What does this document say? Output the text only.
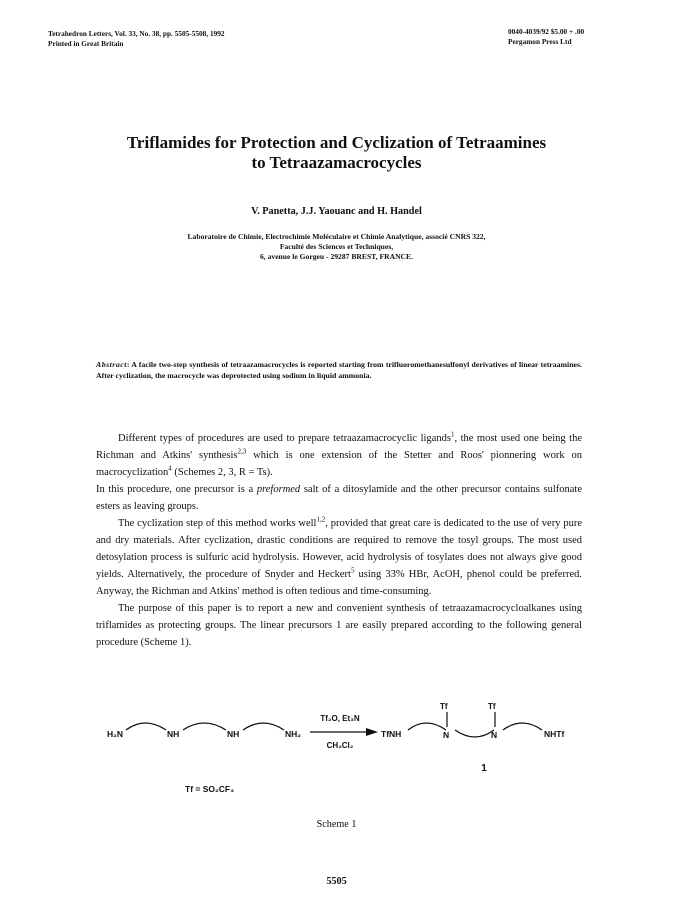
Tetrahedron Letters, Vol. 33, No. 38, pp. 5505-5508, 1992
Printed in Great Britain
0040-4039/92 $5.00 + .00
Pergamon Press Ltd
Triflamides for Protection and Cyclization of Tetraamines
to Tetraazamacrocycles
V. Panetta, J.J. Yaouanc and H. Handel
Laboratoire de Chimie, Electrochimie Moléculaire et Chimie Analytique, associé CNRS 322,
Faculté des Sciences et Techniques,
6, avenue le Gorgeu - 29287 BREST, FRANCE.
Abstract: A facile two-step synthesis of tetraazamacrocycles is reported starting from trifluoromethanesulfonyl derivatives of linear tetraamines. After cyclization, the macrocycle was deprotected using sodium in liquid ammonia.

Different types of procedures are used to prepare tetraazamacrocyclic ligands$^1$, the most used one being the Richman and Atkins' synthesis$^{2,3}$ which is one extension of the Stetter and Roos' pionnering work on macrocyclization$^4$ (Schemes 2, 3, R = Ts).

In this procedure, one precursor is a preformed salt of a ditosylamide and the other precursor contains sulfonate esters as leaving groups.

The cyclization step of this method works well$^{1,2}$, provided that great care is dedicated to the use of very pure and dry materials. After cyclization, drastic conditions are required to remove the tosyl groups. The most used detosylation process is sulfuric acid hydrolysis. However, acid hydrolysis of tosylates does not always give good yields. Alternatively, the procedure of Snyder and Heckert$^5$ using 33% HBr, AcOH, phenol could be preferred. Anyway, the Richman and Atkins' method is often tedious and time-consuming.

The purpose of this paper is to report a new and convenient synthesis of tetraazamacrocycloalkanes using triflamides as protecting groups. The linear precursors 1 are easily prepared according to the following general procedure (Scheme 1).

H₂N	NH	NH	NH₂
Tf₂O, Et₃N
CH₂Cl₂
TfNH
Tf
N
Tf
N	NHTf
1
Tf = SO₂CF₃
Scheme 1
5505
